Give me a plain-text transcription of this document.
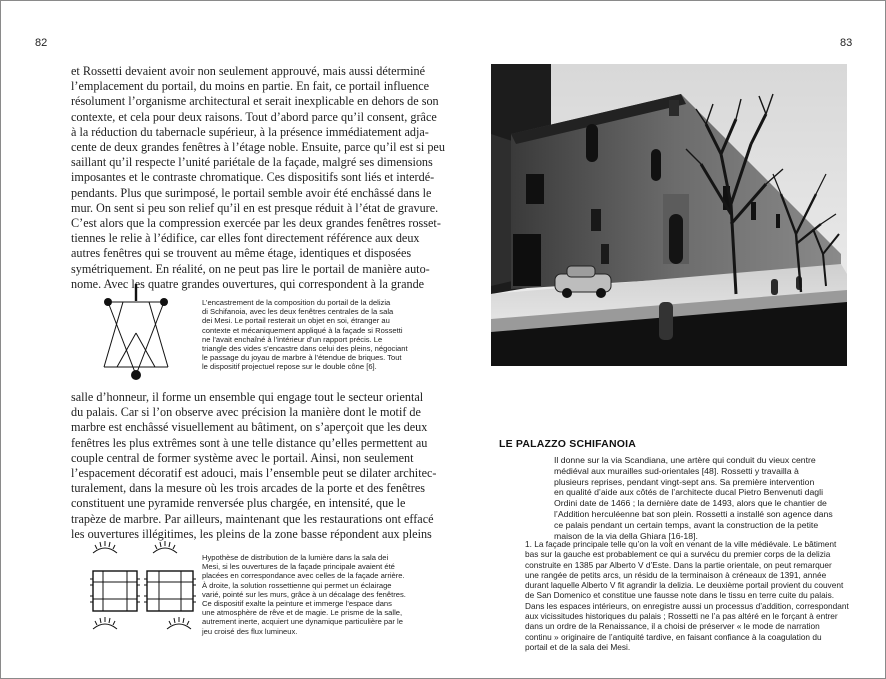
82	83
et Rossetti devaient avoir non seulement approuvé, mais aussi déterminé
l’emplacement du portail, du moins en partie. En fait, ce portail influence
résolument l’organisme architectural et serait inexplicable en dehors de son
contexte, et cela pour deux raisons. Tout d’abord parce qu’il consent, grâce
à la réduction du tabernacle supérieur, à la présence immédiatement adja-
cente de deux grandes fenêtres à l’étage noble. Ensuite, parce qu’il est si peu
saillant qu’il respecte l’unité pariétale de la façade, malgré ses dimensions
imposantes et le contraste chromatique. Ces dispositifs sont liés et interdé-
pendants. Plus que surimposé, le portail semble avoir été enchâssé dans le
mur. On sent si peu son relief qu’il en est presque réduit à l’état de gravure.
C’est alors que la compression exercée par les deux grandes fenêtres rosset-
tiennes le relie à l’édifice, car elles font directement référence aux deux
autres fenêtres qui se trouvent au même étage, identiques et disposées
symétriquement. En réalité, on ne peut pas lire le portail de manière auto-
nome. Avec les quatre grandes ouvertures, qui correspondent à la grande
L’encastrement de la composition du portail de la delizia
di Schifanoia, avec les deux fenêtres centrales de la sala
dei Mesi. Le portail resterait un objet en soi, étranger au
contexte et mécaniquement appliqué à la façade si Rossetti
ne l’avait enchaîné à l’intérieur d’un rapport précis. Le
triangle des vides s’encastre dans celui des pleins, négociant
le passage du joyau de marbre à l’étendue de briques. Tout
le dispositif projectuel repose sur le double cône [6].
salle d’honneur, il forme un ensemble qui engage tout le secteur oriental
du palais. Car si l’on observe avec précision la manière dont le motif de
marbre est enchâssé visuellement au bâtiment, on s’aperçoit que les deux
fenêtres les plus extrêmes sont à une telle distance qu’elles permettent au
couple central de former système avec le portail. Ainsi, non seulement
l’espacement décoratif est adouci, mais l’ensemble peut se dilater architec-
turalement, dans la mesure où les trois arcades de la porte et des fenêtres
constituent une pyramide renversée plus chargée, en intensité, que le
trapèze de marbre. Par ailleurs, maintenant que les restaurations ont effacé
les ouvertures illégitimes, les pleins de la zone basse répondent aux pleins
Hypothèse de distribution de la lumière dans la sala dei
Mesi, si les ouvertures de la façade principale avaient été
placées en correspondance avec celles de la façade arrière.
À droite, la solution rossettienne qui permet un éclairage
varié, pointé sur les murs, grâce à un décalage des fenêtres.
Ce dispositif exalte la peinture et immerge l’espace dans
une atmosphère de rêve et de magie. Le prisme de la salle,
autrement inerte, acquiert une dynamique particulière par le
jeu croisé des flux lumineux.
LE PALAZZO SCHIFANOIA
Il donne sur la via Scandiana, une artère qui conduit du vieux centre
médiéval aux murailles sud-orientales [48]. Rossetti y travailla à
plusieurs reprises, pendant vingt-sept ans. Sa première intervention
en qualité d’aide aux côtés de l’architecte ducal Pietro Benvenuti dagli
Ordini date de 1466 ; la dernière date de 1493, alors que le chantier de
l’Addition herculéenne bat son plein. Rossetti a installé son agence dans
ce palais pendant un certain temps, avant la construction de la petite
maison de la via della Ghiara [16-18].
1. La façade principale telle qu’on la voit en venant de la ville médiévale. Le bâtiment
bas sur la gauche est probablement ce qui a survécu du premier corps de la delizia
construite en 1385 par Alberto V d’Este. Dans la partie orientale, on peut remarquer
une rangée de petits arcs, un résidu de la terminaison à créneaux de 1391, année
durant laquelle Alberto V fit agrandir la delizia. Le deuxième portail provient du couvent
de San Domenico et constitue une fausse note dans le tissu en terre cuite du palais.
Dans les espaces intérieurs, on enregistre aussi un processus d’addition, correspondant
aux vicissitudes historiques du palais ; Rossetti ne l’a pas altéré en le forçant à entrer
dans un ordre de la Renaissance, il a choisi de préserver « le mode de narration
continu » originaire de l’antiquité tardive, en faisant confiance à la coagulation du
portail et de la sala dei Mesi.
